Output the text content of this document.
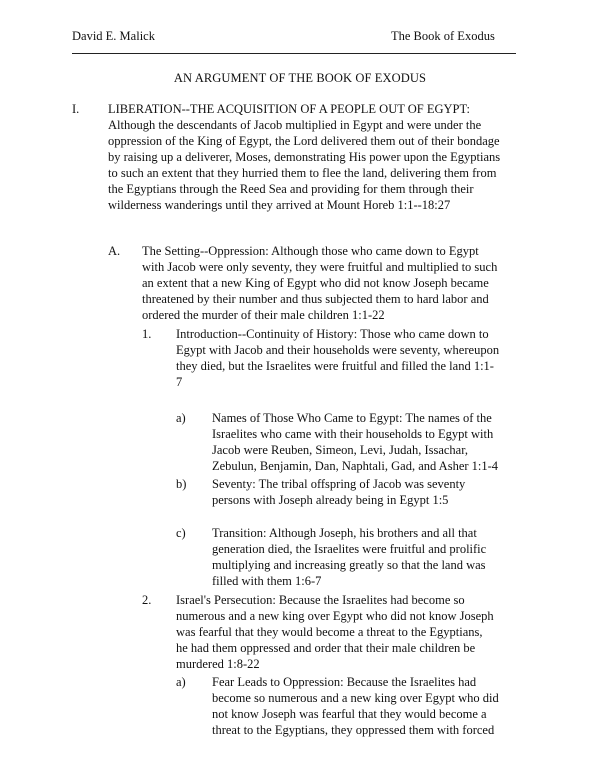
David E. Malick	The Book of Exodus
AN ARGUMENT OF THE BOOK OF EXODUS
I. LIBERATION--THE ACQUISITION OF A PEOPLE OUT OF EGYPT:
Although the descendants of Jacob multiplied in Egypt and were under the
oppression of the King of Egypt, the Lord delivered them out of their bondage
by raising up a deliverer, Moses, demonstrating His power upon the Egyptians
to such an extent that they hurried them to flee the land, delivering them from
the Egyptians through the Reed Sea and providing for them through their
wilderness wanderings until they arrived at Mount Horeb 1:1--18:27
A. The Setting--Oppression: Although those who came down to Egypt
with Jacob were only seventy, they were fruitful and multiplied to such
an extent that a new King of Egypt who did not know Joseph became
threatened by their number and thus subjected them to hard labor and
ordered the murder of their male children 1:1-22
1. Introduction--Continuity of History: Those who came down to
Egypt with Jacob and their households were seventy, whereupon
they died, but the Israelites were fruitful and filled the land 1:1-
7
a) Names of Those Who Came to Egypt: The names of the
Israelites who came with their households to Egypt with
Jacob were Reuben, Simeon, Levi, Judah, Issachar,
Zebulun, Benjamin, Dan, Naphtali, Gad, and Asher 1:1-4
b) Seventy: The tribal offspring of Jacob was seventy
persons with Joseph already being in Egypt 1:5
c) Transition: Although Joseph, his brothers and all that
generation died, the Israelites were fruitful and prolific
multiplying and increasing greatly so that the land was
filled with them 1:6-7
2. Israel's Persecution: Because the Israelites had become so
numerous and a new king over Egypt who did not know Joseph
was fearful that they would become a threat to the Egyptians,
he had them oppressed and order that their male children be
murdered 1:8-22
a) Fear Leads to Oppression: Because the Israelites had
become so numerous and a new king over Egypt who did
not know Joseph was fearful that they would become a
threat to the Egyptians, they oppressed them with forced
